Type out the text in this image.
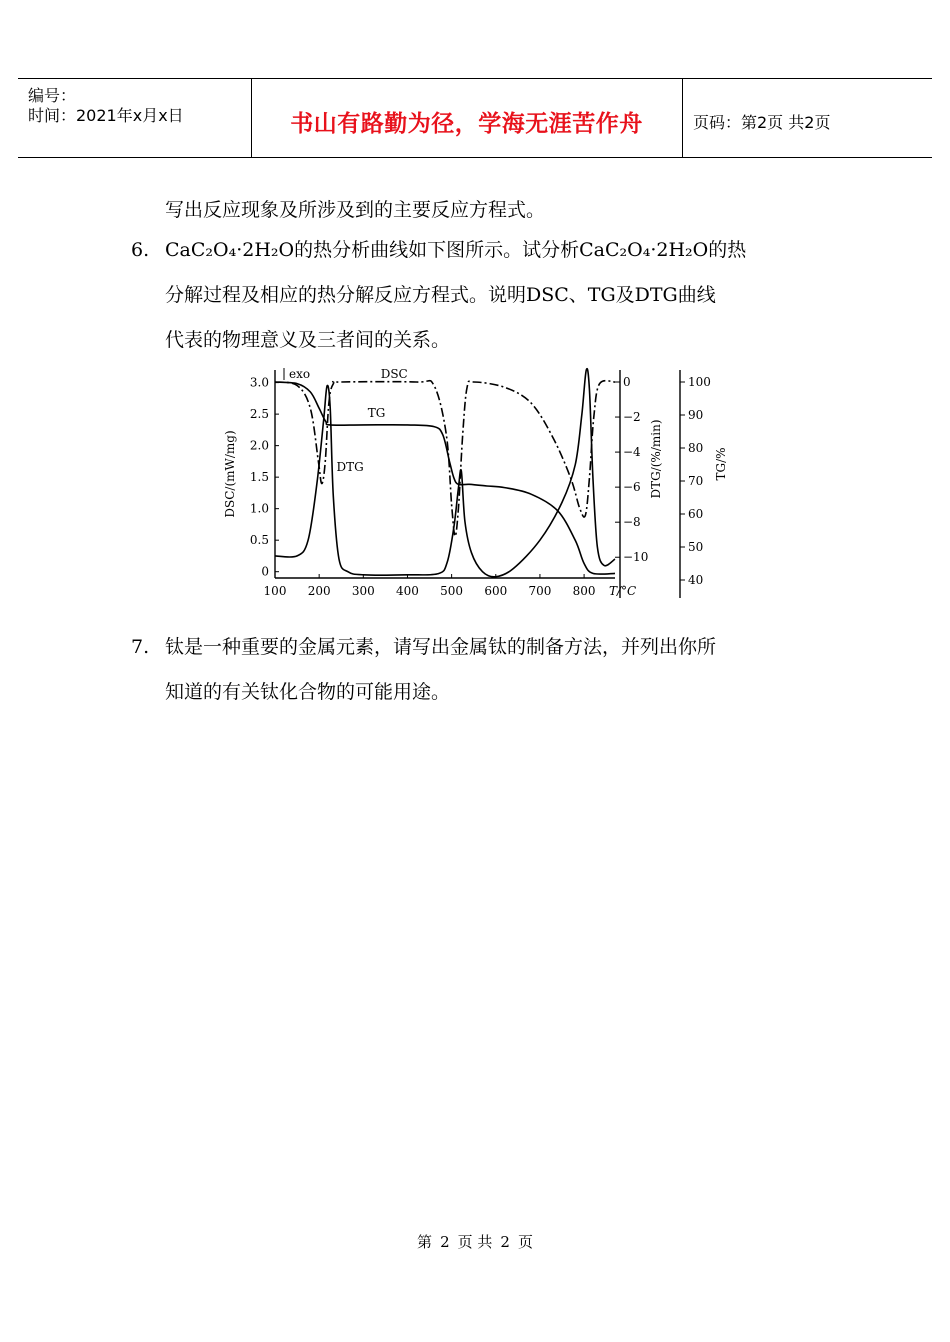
编号：
时间：2021年x月x日	书山有路勤为径，学海无涯苦作舟	页码：第2页 共2页
写出反应现象及所涉及到的主要反应方程式。
6. CaC₂O₄·2H₂O的热分析曲线如下图所示。试分析CaC₂O₄·2H₂O的热
分解过程及相应的热分解反应方程式。说明DSC、TG及DTG曲线
代表的物理意义及三者间的关系。
0
0.5
1.0
1.5
2.0
2.5
3.0
DSC/(mW/mg)
exo
100 200 300 400 500 600 700 800 T/°C
0
−2
−4
−6
−8
−10
DTG/(%/min)
100
90
80
70
60
50
40
TG/%
DSC
TG
DTG
7. 钛是一种重要的金属元素，请写出金属钛的制备方法，并列出你所
知道的有关钛化合物的可能用途。
第 2 页 共 2 页
